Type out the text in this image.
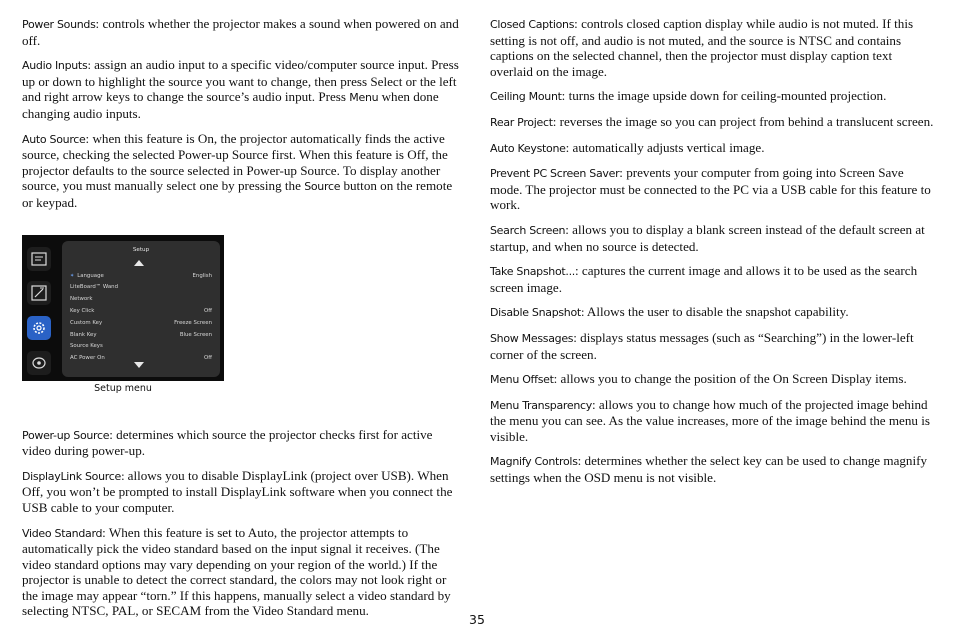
Power Sounds: controls whether the projector makes a sound when powered on and off.

Audio Inputs: assign an audio input to a specific video/computer source input. Press up or down to highlight the source you want to change, then press Select or the left and right arrow keys to change the source’s audio input. Press Menu when done changing audio inputs.

Auto Source: when this feature is On, the projector automatically finds the active source, checking the selected Power-up Source first. When this feature is Off, the projector defaults to the source selected in Power-up Source. To display another source, you must manually select one by pressing the Source button on the remote or keypad.

Setup
✶ Language	English
LiteBoard™ Wand
Network
Key Click	Off
Custom Key	Freeze Screen
Blank Key	Blue Screen
Source Keys
AC Power On	Off
Setup menu

Power-up Source: determines which source the projector checks first for active video during power-up.

DisplayLink Source: allows you to disable DisplayLink (project over USB). When Off, you won’t be prompted to install DisplayLink software when you connect the USB cable to your computer.

Video Standard: When this feature is set to Auto, the projector attempts to automatically pick the video standard based on the input signal it receives. (The video standard options may vary depending on your region of the world.) If the projector is unable to detect the correct standard, the colors may not look right or the image may appear “torn.” If this happens, manually select a video standard by selecting NTSC, PAL, or SECAM from the Video Standard menu.

Closed Captions: controls closed caption display while audio is not muted. If this setting is not off, and audio is not muted, and the source is NTSC and contains captions on the selected channel, then the projector must display caption text overlaid on the image.

Ceiling Mount: turns the image upside down for ceiling-mounted projection.

Rear Project: reverses the image so you can project from behind a translucent screen.

Auto Keystone: automatically adjusts vertical image.

Prevent PC Screen Saver: prevents your computer from going into Screen Save mode. The projector must be connected to the PC via a USB cable for this feature to work.

Search Screen: allows you to display a blank screen instead of the default screen at startup, and when no source is detected.

Take Snapshot...: captures the current image and allows it to be used as the search screen image.

Disable Snapshot: Allows the user to disable the snapshot capability.

Show Messages: displays status messages (such as “Searching”) in the lower-left corner of the screen.

Menu Offset: allows you to change the position of the On Screen Display items.

Menu Transparency: allows you to change how much of the projected image behind the menu you can see. As the value increases, more of the image behind the menu is visible.

Magnify Controls: determines whether the select key can be used to change magnify settings when the OSD menu is not visible.

35
